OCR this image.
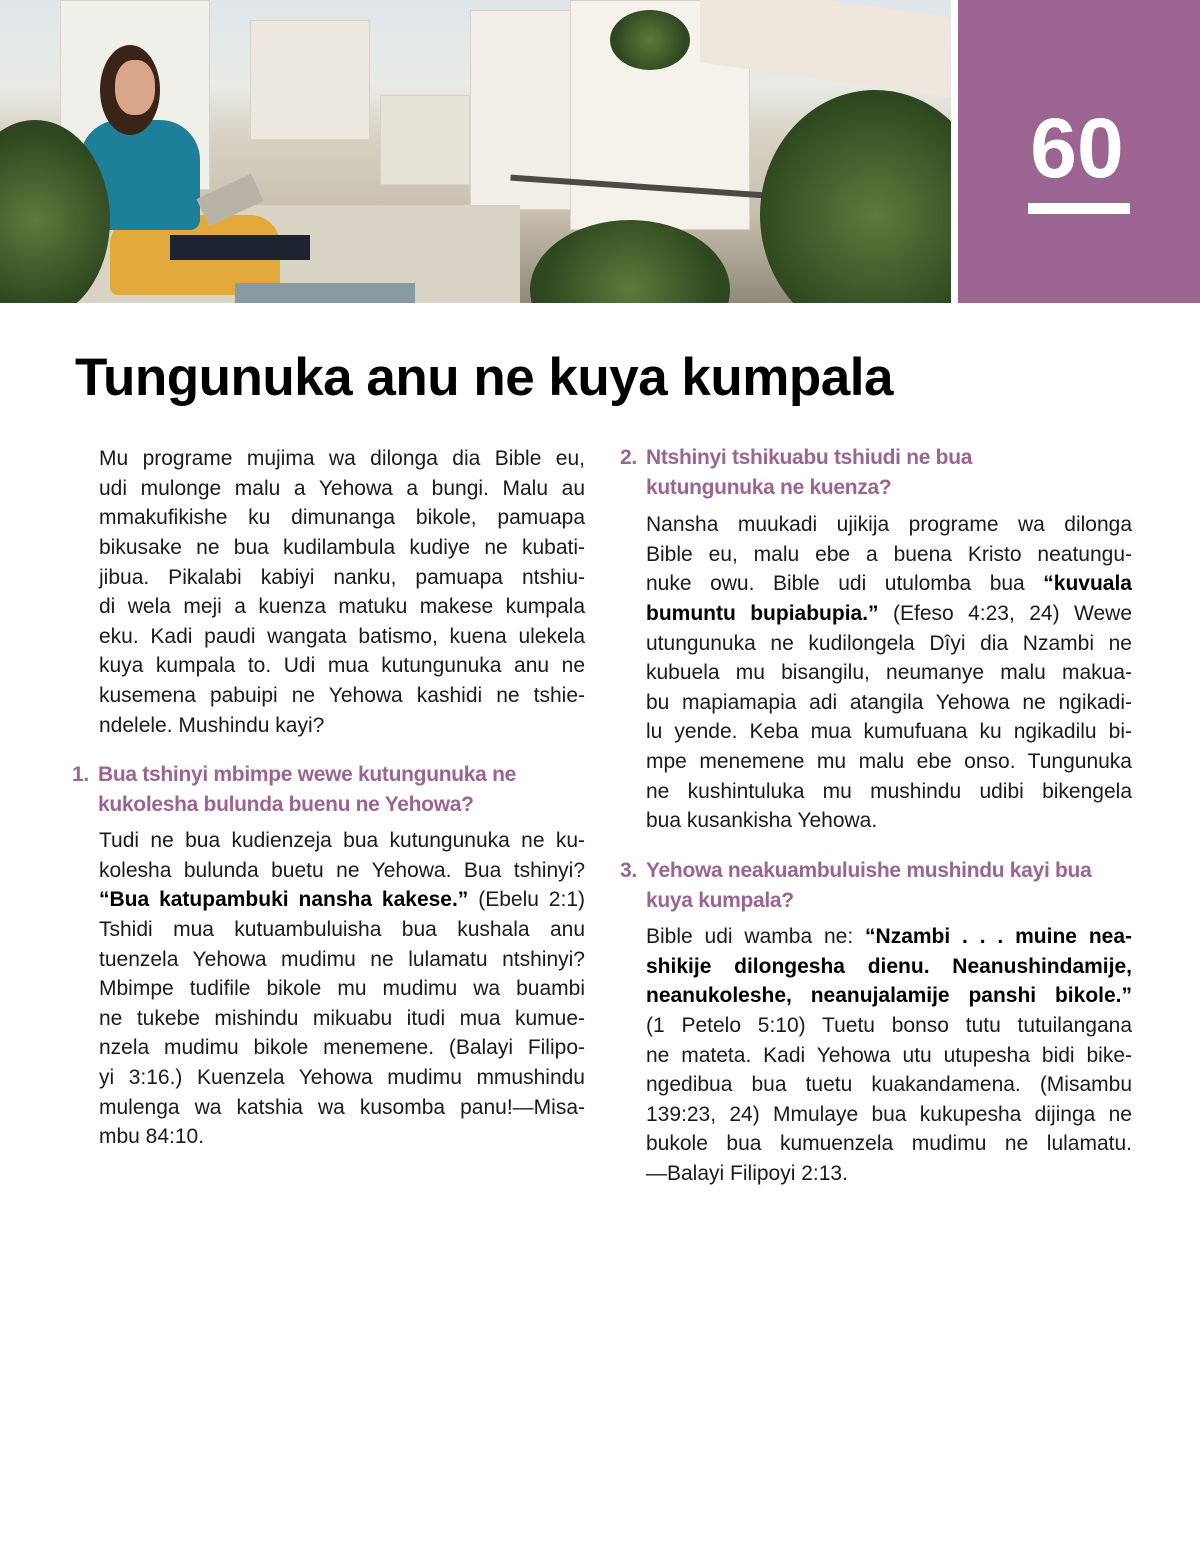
60
Tungunuka anu ne kuya kumpala
Mu programe mujima wa dilonga dia Bible eu,
udi mulonge malu a Yehowa a bungi. Malu au
mmakufikishe ku dimunanga bikole, pamuapa
bikusake ne bua kudilambula kudiye ne kubati-
jibua. Pikalabi kabiyi nanku, pamuapa ntshiu-
di wela meji a kuenza matuku makese kumpala
eku. Kadi paudi wangata batismo, kuena ulekela
kuya kumpala to. Udi mua kutungunuka anu ne
kusemena pabuipi ne Yehowa kashidi ne tshie-
ndelele. Mushindu kayi?
1. Bua tshinyi mbimpe wewe kutungunuka ne
kukolesha bulunda buenu ne Yehowa?
Tudi ne bua kudienzeja bua kutungunuka ne ku-
kolesha bulunda buetu ne Yehowa. Bua tshinyi?
“Bua katupambuki nansha kakese.” (Ebelu 2:1)
Tshidi mua kutuambuluisha bua kushala anu
tuenzela Yehowa mudimu ne lulamatu ntshinyi?
Mbimpe tudifile bikole mu mudimu wa buambi
ne tukebe mishindu mikuabu itudi mua kumue-
nzela mudimu bikole menemene. (Balayi Filipo-
yi 3:16.) Kuenzela Yehowa mudimu mmushindu
mulenga wa katshia wa kusomba panu!—Misa-
mbu 84:10.
2. Ntshinyi tshikuabu tshiudi ne bua
kutungunuka ne kuenza?
Nansha muukadi ujikija programe wa dilonga
Bible eu, malu ebe a buena Kristo neatungu-
nuke owu. Bible udi utulomba bua “kuvuala
bumuntu bupiabupia.” (Efeso 4:23, 24) Wewe
utungunuka ne kudilongela Dîyi dia Nzambi ne
kubuela mu bisangilu, neumanye malu makua-
bu mapiamapia adi atangila Yehowa ne ngikadi-
lu yende. Keba mua kumufuana ku ngikadilu bi-
mpe menemene mu malu ebe onso. Tungunuka
ne kushintuluka mu mushindu udibi bikengela
bua kusankisha Yehowa.
3. Yehowa neakuambuluishe mushindu kayi bua
kuya kumpala?
Bible udi wamba ne: “Nzambi . . . muine nea-
shikije dilongesha dienu. Neanushindamije,
neanukoleshe, neanujalamije panshi bikole.”
(1 Petelo 5:10) Tuetu bonso tutu tutuilangana
ne mateta. Kadi Yehowa utu utupesha bidi bike-
ngedibua bua tuetu kuakandamena. (Misambu
139:23, 24) Mmulaye bua kukupesha dijinga ne
bukole bua kumuenzela mudimu ne lulamatu.
—Balayi Filipoyi 2:13.
